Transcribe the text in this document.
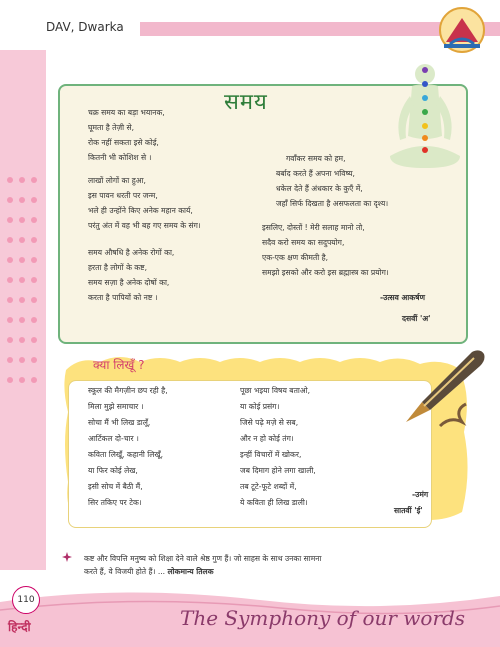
DAV, Dwarka
समय
चक्र समय का बड़ा भयानक,
घूमता है तेज़ी से,
रोक नहीं सकता इसे कोई,
कितनी भी कोशिश से ।
लाखों लोगों का हुआ,
इस पावन धरती पर जन्म,
भले ही उन्होंने किए अनेक महान कार्य,
परंतु अंत में वह भी बह गए समय के संग।
समय औषधि है अनेक रोगों का,
हरता है लोगों के कष्ट,
समय सज़ा है अनेक दोषों का,
करता है पापियों को नष्ट ।
गवाँकर समय को हम,
बर्बाद करते हैं अपना भविष्य,
धकेल देते हैं अंधकार के कुएँ में,
जहाँ सिर्फ दिखता है असफलता का दृश्य।
इसलिए, दोस्तों ! मेरी सलाह मानो तो,
सदैव करो समय का सदुपयोग,
एक-एक क्षण कीमती है,
समझो इसको और करो इस ब्रह्मास्त्र का प्रयोग।
-उत्सव आकर्षण
दसवीं 'अ'
क्या लिखूँ ?
स्कूल की मैगज़ीन छप रही है,
मिला मुझे समाचार ।
सोचा मैं भी लिख डालूँ,
आर्टिकल दो-चार ।
कविता लिखूँ, कहानी लिखूँ,
या फिर कोई लेख,
इसी सोच में बैठी मैं,
सिर तकिए पर टेक।
पूछा भइया विषय बताओ,
या कोई प्रसंग।
जिसे पढ़े मज़े से सब,
और न हो कोई तंग।
इन्हीं विचारों में खोकर,
जब दिमाग होने लगा खाली,
तब टूटे-फूटे शब्दों में,
ये कविता ही लिख डाली।
-उमंग
सातवीं 'ई'
कष्ट और विपत्ति मनुष्य को शिक्षा देने वाले श्रेष्ठ गुण हैं। जो साहस के साथ उनका सामना
करते हैं, वे विजयी होते हैं। ... लोकमान्य तिलक
110
हिन्दी	The Symphony of our words
